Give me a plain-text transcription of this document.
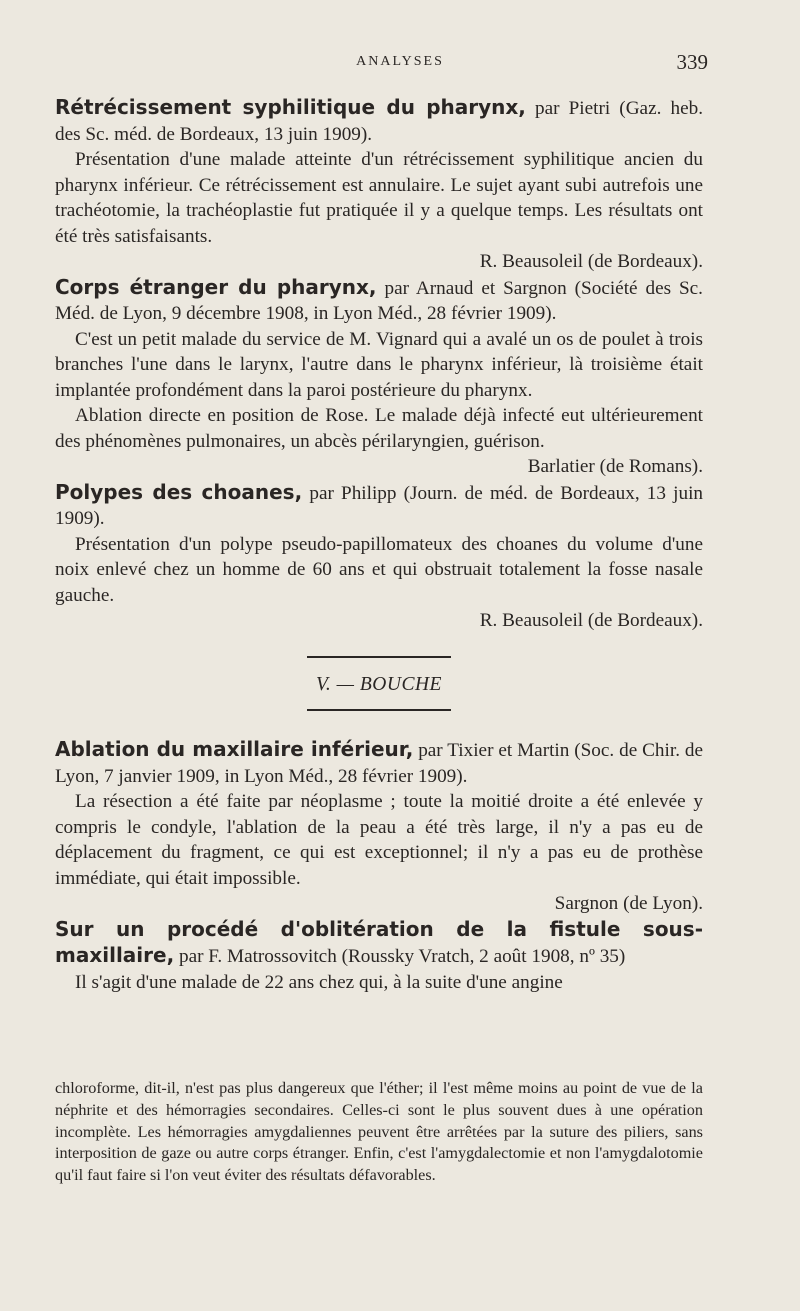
ANALYSES	339

Rétrécissement syphilitique du pharynx, par Pietri (Gaz. heb. des Sc. méd. de Bordeaux, 13 juin 1909).

Présentation d'une malade atteinte d'un rétrécissement syphilitique ancien du pharynx inférieur. Ce rétrécissement est annulaire. Le sujet ayant subi autrefois une trachéotomie, la trachéoplastie fut pratiquée il y a quelque temps. Les résultats ont été très satisfaisants.

R. Beausoleil (de Bordeaux).

Corps étranger du pharynx, par Arnaud et Sargnon (Société des Sc. Méd. de Lyon, 9 décembre 1908, in Lyon Méd., 28 février 1909).

C'est un petit malade du service de M. Vignard qui a avalé un os de poulet à trois branches l'une dans le larynx, l'autre dans le pharynx inférieur, là troisième était implantée profondément dans la paroi postérieure du pharynx.

Ablation directe en position de Rose. Le malade déjà infecté eut ultérieurement des phénomènes pulmonaires, un abcès périlaryngien, guérison.

Barlatier (de Romans).

Polypes des choanes, par Philipp (Journ. de méd. de Bordeaux, 13 juin 1909).

Présentation d'un polype pseudo-papillomateux des choanes du volume d'une noix enlevé chez un homme de 60 ans et qui obstruait totalement la fosse nasale gauche.

R. Beausoleil (de Bordeaux).

V. — BOUCHE

Ablation du maxillaire inférieur, par Tixier et Martin (Soc. de Chir. de Lyon, 7 janvier 1909, in Lyon Méd., 28 février 1909).

La résection a été faite par néoplasme ; toute la moitié droite a été enlevée y compris le condyle, l'ablation de la peau a été très large, il n'y a pas eu de déplacement du fragment, ce qui est exceptionnel; il n'y a pas eu de prothèse immédiate, qui était impossible.

Sargnon (de Lyon).

Sur un procédé d'oblitération de la fistule sous-maxillaire, par F. Matrossovitch (Roussky Vratch, 2 août 1908, nº 35)

Il s'agit d'une malade de 22 ans chez qui, à la suite d'une angine

chloroforme, dit-il, n'est pas plus dangereux que l'éther; il l'est même moins au point de vue de la néphrite et des hémorragies secondaires. Celles-ci sont le plus souvent dues à une opération incomplète. Les hémorragies amygdaliennes peuvent être arrêtées par la suture des piliers, sans interposition de gaze ou autre corps étranger. Enfin, c'est l'amygdalectomie et non l'amygdalotomie qu'il faut faire si l'on veut éviter des résultats défavorables.
